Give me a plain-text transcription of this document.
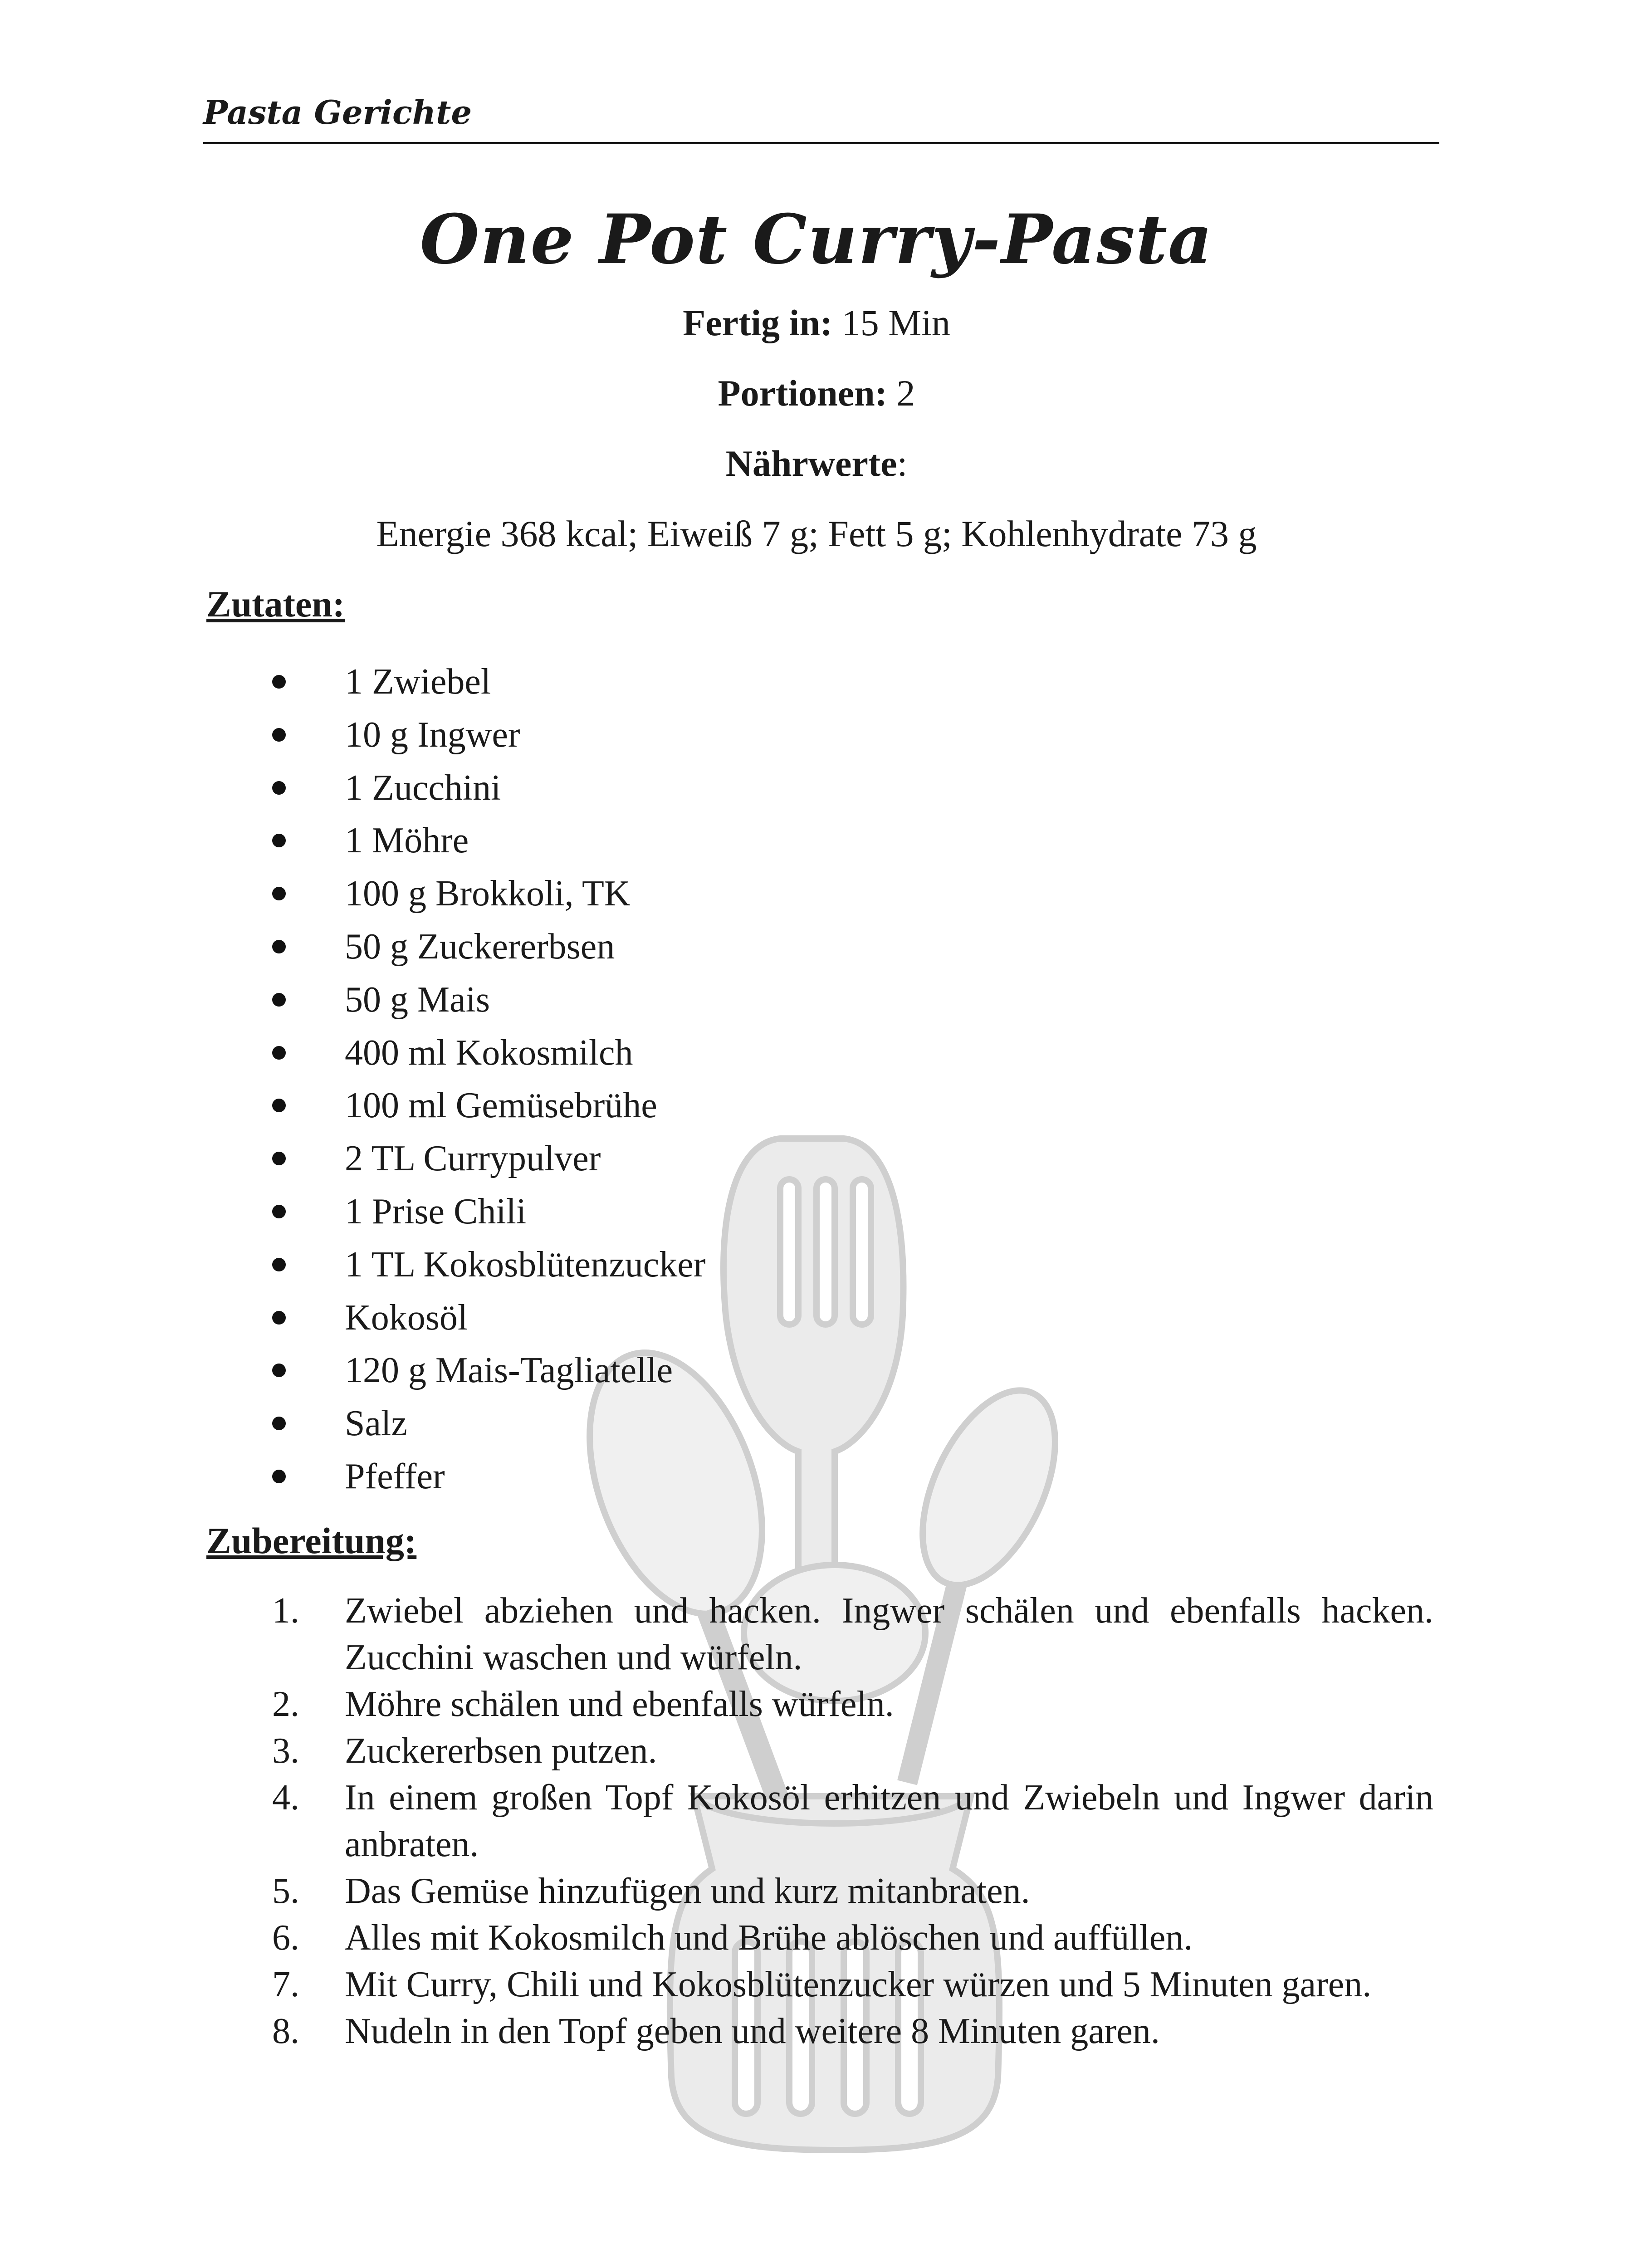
Pasta Gerichte
One Pot Curry-Pasta
Fertig in: 15 Min
Portionen: 2
Nährwerte:
Energie 368 kcal; Eiweiß 7 g; Fett 5 g; Kohlenhydrate 73 g
Zutaten:
1 Zwiebel
10 g Ingwer
1 Zucchini
1 Möhre
100 g Brokkoli, TK
50 g Zuckererbsen
50 g Mais
400 ml Kokosmilch
100 ml Gemüsebrühe
2 TL Currypulver
1 Prise Chili
1 TL Kokosblütenzucker
Kokosöl
120 g Mais-Tagliatelle
Salz
Pfeffer
Zubereitung:
1. Zwiebel abziehen und hacken. Ingwer schälen und ebenfalls hacken. Zucchini waschen und würfeln.
2. Möhre schälen und ebenfalls würfeln.
3. Zuckererbsen putzen.
4. In einem großen Topf Kokosöl erhitzen und Zwiebeln und Ingwer darin anbraten.
5. Das Gemüse hinzufügen und kurz mitanbraten.
6. Alles mit Kokosmilch und Brühe ablöschen und auffüllen.
7. Mit Curry, Chili und Kokosblütenzucker würzen und 5 Minuten garen.
8. Nudeln in den Topf geben und weitere 8 Minuten garen.
